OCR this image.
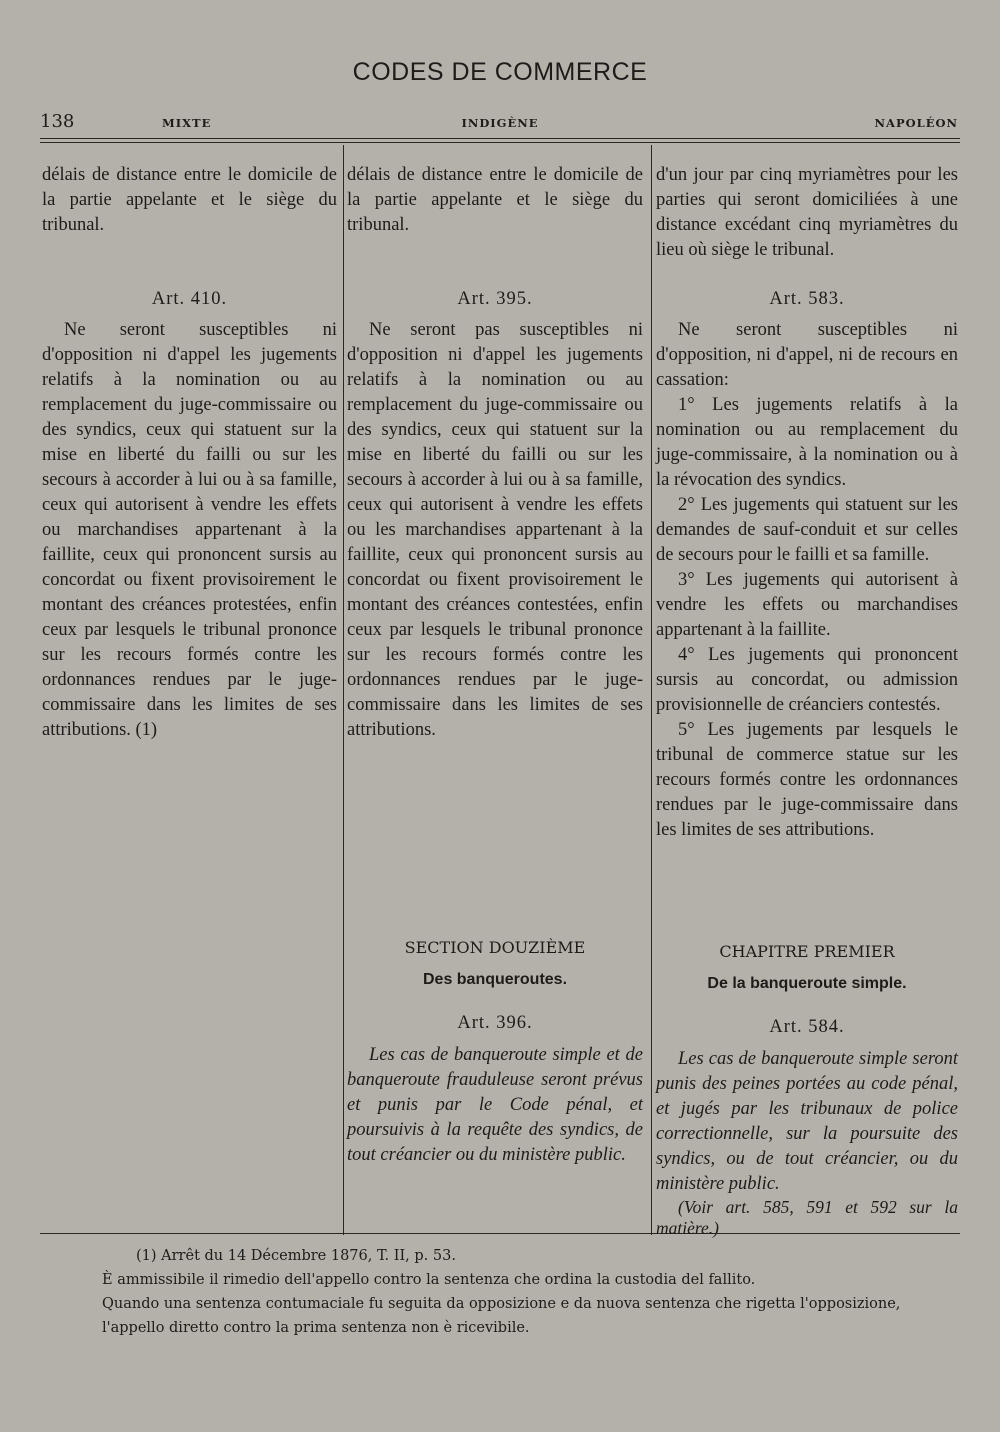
CODES DE COMMERCE
138	MIXTE	INDIGÈNE	NAPOLÉON

délais de distance entre le domicile de la partie appelante et le siège du tribunal.

Art. 410.

Ne seront susceptibles ni d'opposition ni d'appel les jugements relatifs à la nomination ou au remplacement du juge-commissaire ou des syndics, ceux qui statuent sur la mise en liberté du failli ou sur les secours à accorder à lui ou à sa famille, ceux qui autorisent à vendre les effets ou marchandises appartenant à la faillite, ceux qui prononcent sursis au concordat ou fixent provisoirement le montant des créances protestées, enfin ceux par lesquels le tribunal prononce sur les recours formés contre les ordonnances rendues par le juge-commissaire dans les limites de ses attributions. (1)

délais de distance entre le domicile de la partie appelante et le siège du tribunal.

Art. 395.

Ne seront pas susceptibles ni d'opposition ni d'appel les jugements relatifs à la nomination ou au remplacement du juge-commissaire ou des syndics, ceux qui statuent sur la mise en liberté du failli ou sur les secours à accorder à lui ou à sa famille, ceux qui autorisent à vendre les effets ou les marchandises appartenant à la faillite, ceux qui prononcent sursis au concordat ou fixent provisoirement le montant des créances contestées, enfin ceux par lesquels le tribunal prononce sur les recours formés contre les ordonnances rendues par le juge-commissaire dans les limites de ses attributions.

SECTION DOUZIÈME

Des banqueroutes.

Art. 396.

Les cas de banqueroute simple et de banqueroute frauduleuse seront prévus et punis par le Code pénal, et poursuivis à la requête des syndics, de tout créancier ou du ministère public.

d'un jour par cinq myriamètres pour les parties qui seront domiciliées à une distance excédant cinq myriamètres du lieu où siège le tribunal.

Art. 583.

Ne seront susceptibles ni d'opposition, ni d'appel, ni de recours en cassation:

1° Les jugements relatifs à la nomination ou au remplacement du juge-commissaire, à la nomination ou à la révocation des syndics.

2° Les jugements qui statuent sur les demandes de sauf-conduit et sur celles de secours pour le failli et sa famille.

3° Les jugements qui autorisent à vendre les effets ou marchandises appartenant à la faillite.

4° Les jugements qui prononcent sursis au concordat, ou admission provisionnelle de créanciers contestés.

5° Les jugements par lesquels le tribunal de commerce statue sur les recours formés contre les ordonnances rendues par le juge-commissaire dans les limites de ses attributions.

CHAPITRE PREMIER

De la banqueroute simple.

Art. 584.

Les cas de banqueroute simple seront punis des peines portées au code pénal, et jugés par les tribunaux de police correctionnelle, sur la poursuite des syndics, ou de tout créancier, ou du ministère public.

(Voir art. 585, 591 et 592 sur la matière.)

(1) Arrêt du 14 Décembre 1876, T. II, p. 53.

È ammissibile il rimedio dell'appello contro la sentenza che ordina la custodia del fallito.

Quando una sentenza contumaciale fu seguita da opposizione e da nuova sentenza che rigetta l'opposizione, l'appello diretto contro la prima sentenza non è ricevibile.
